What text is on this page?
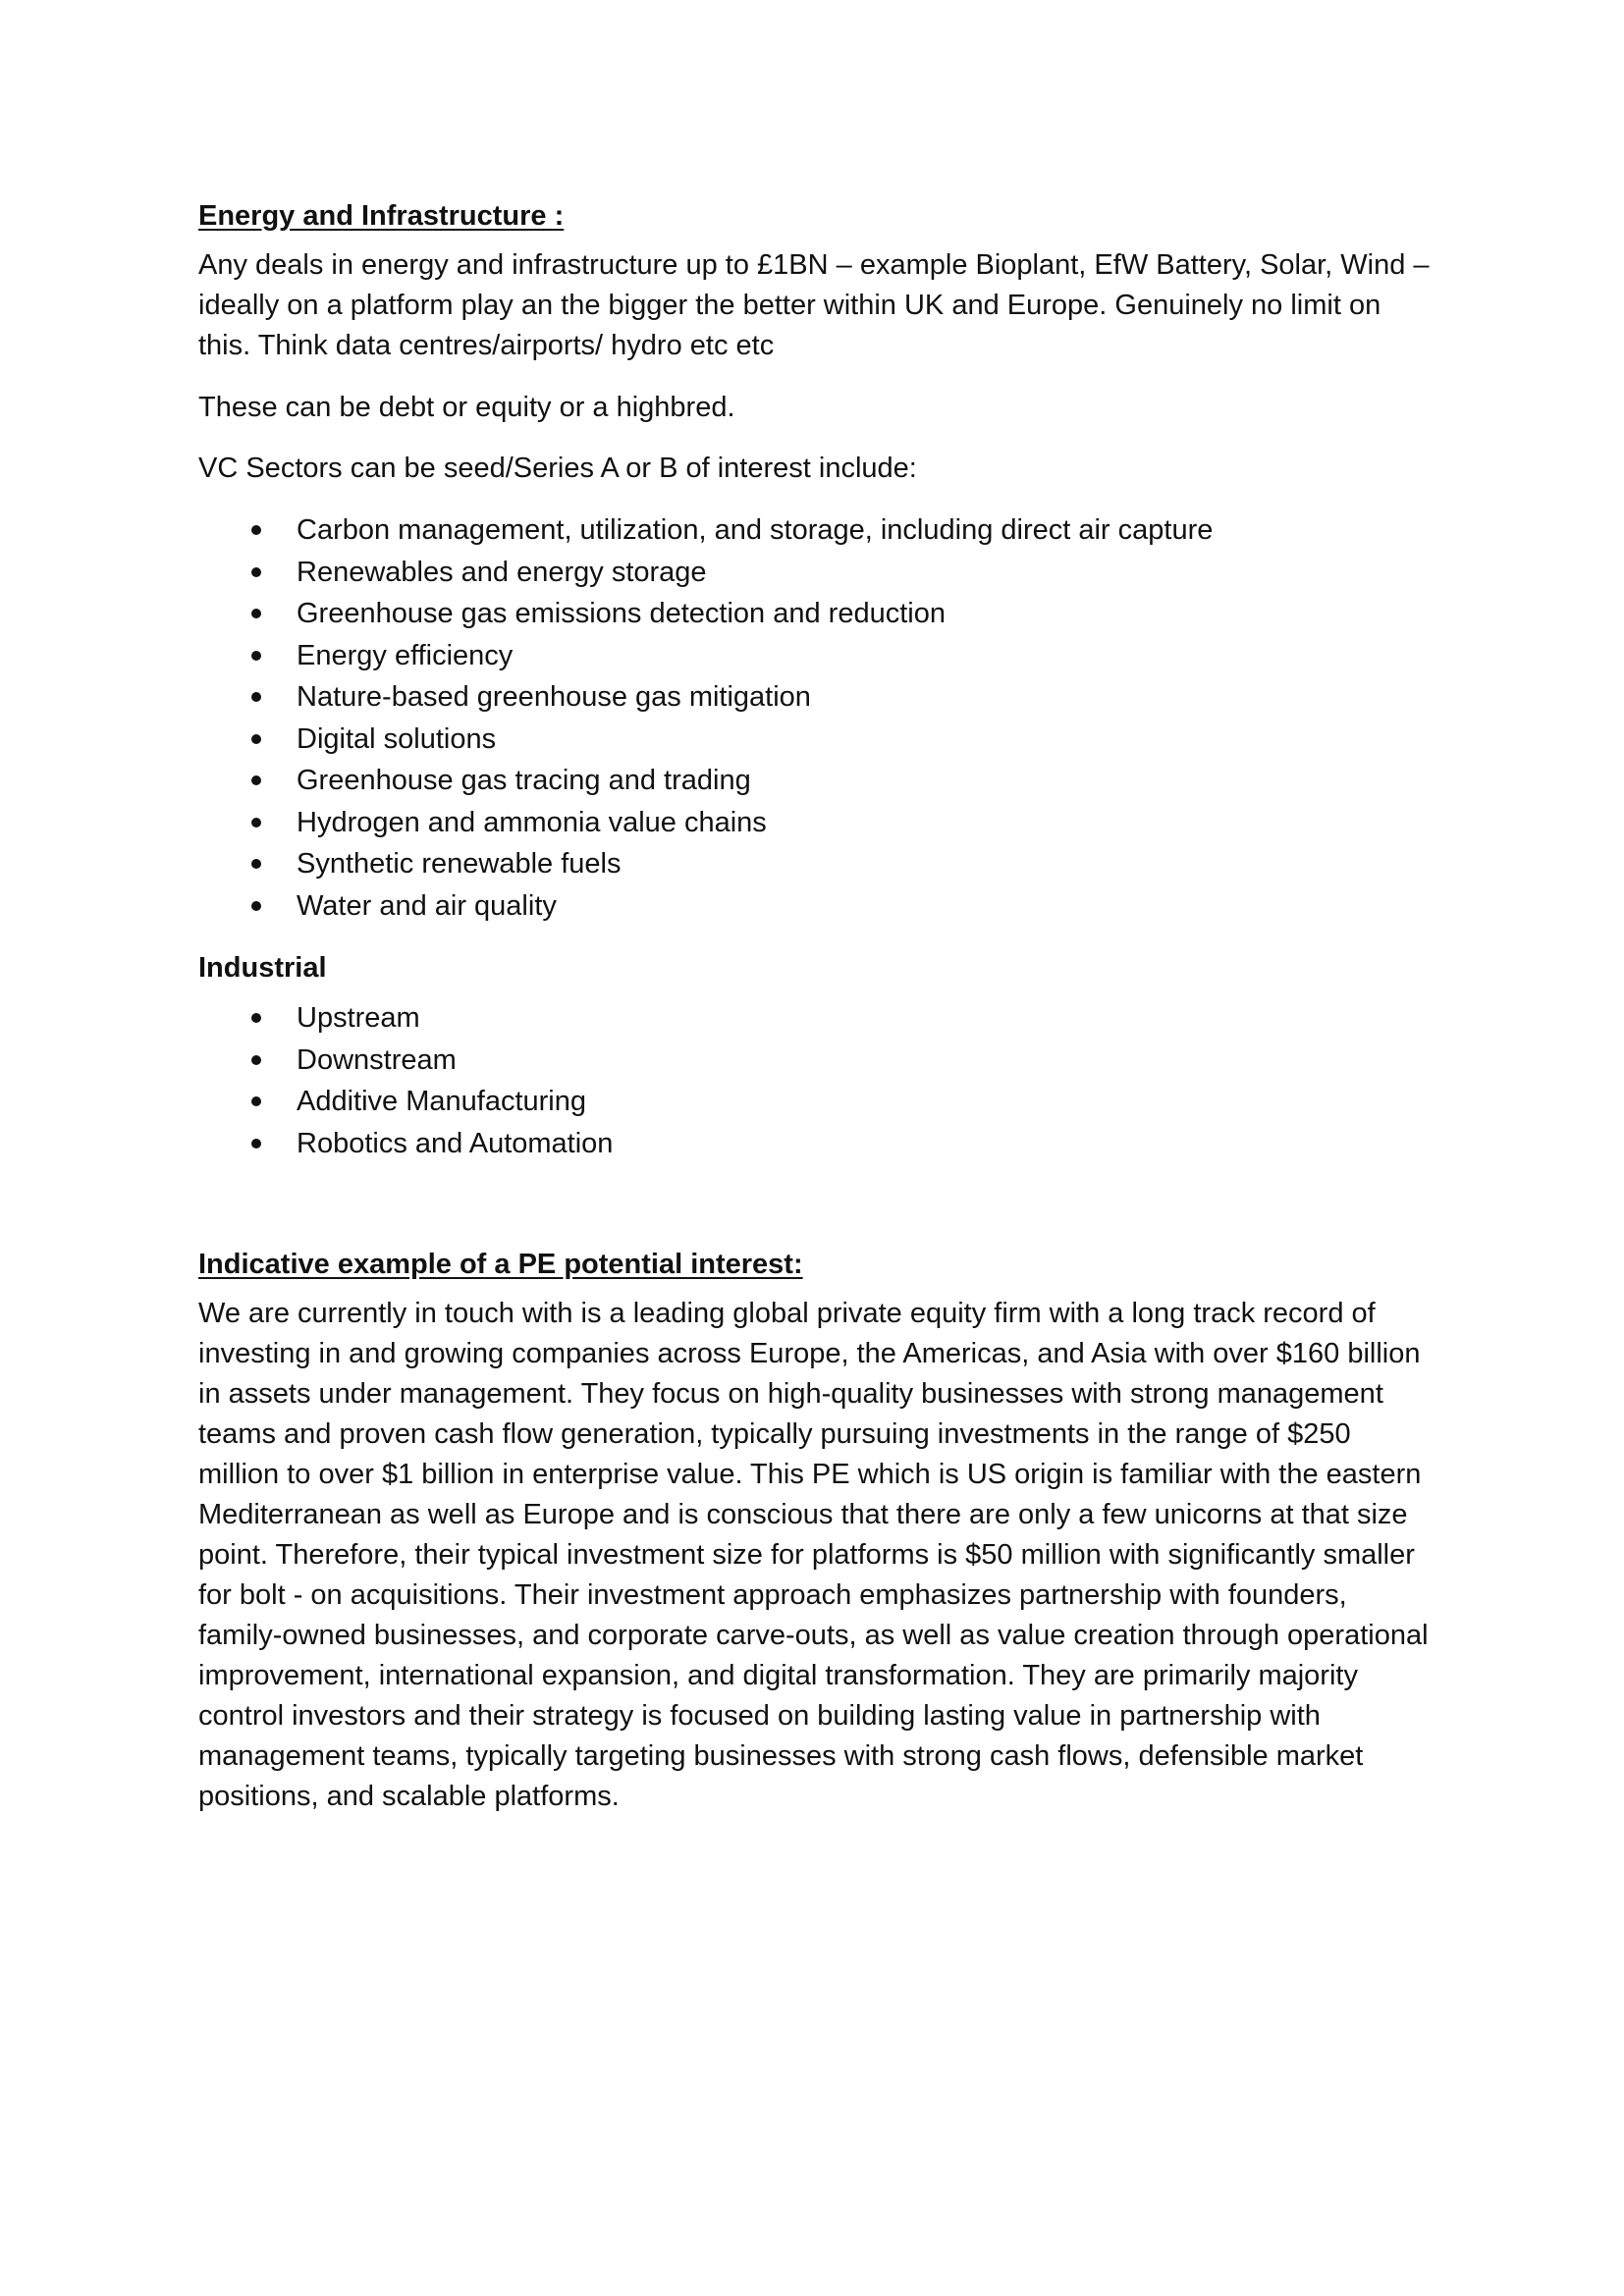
Energy and Infrastructure :

Any deals in energy and infrastructure up to £1BN – example Bioplant, EfW Battery, Solar, Wind – ideally on a platform play an the bigger the better within UK and Europe. Genuinely no limit on this. Think data centres/airports/ hydro etc etc

These can be debt or equity or a highbred.

VC Sectors can be seed/Series A or B of interest include:

Carbon management, utilization, and storage, including direct air capture
Renewables and energy storage
Greenhouse gas emissions detection and reduction
Energy efficiency
Nature-based greenhouse gas mitigation
Digital solutions
Greenhouse gas tracing and trading
Hydrogen and ammonia value chains
Synthetic renewable fuels
Water and air quality
Industrial
Upstream
Downstream
Additive Manufacturing
Robotics and Automation
Indicative example of a PE potential interest:

We are currently in touch with is a leading global private equity firm with a long track record of investing in and growing companies across Europe, the Americas, and Asia with over $160 billion in assets under management. They focus on high-quality businesses with strong management teams and proven cash flow generation, typically pursuing investments in the range of $250 million to over $1 billion in enterprise value. This PE which is US origin is familiar with the eastern Mediterranean as well as Europe and is conscious that there are only a few unicorns at that size point. Therefore, their typical investment size for platforms is $50 million with significantly smaller for bolt - on acquisitions. Their investment approach emphasizes partnership with founders, family-owned businesses, and corporate carve-outs, as well as value creation through operational improvement, international expansion, and digital transformation. They are primarily majority control investors and their strategy is focused on building lasting value in partnership with management teams, typically targeting businesses with strong cash flows, defensible market positions, and scalable platforms.
